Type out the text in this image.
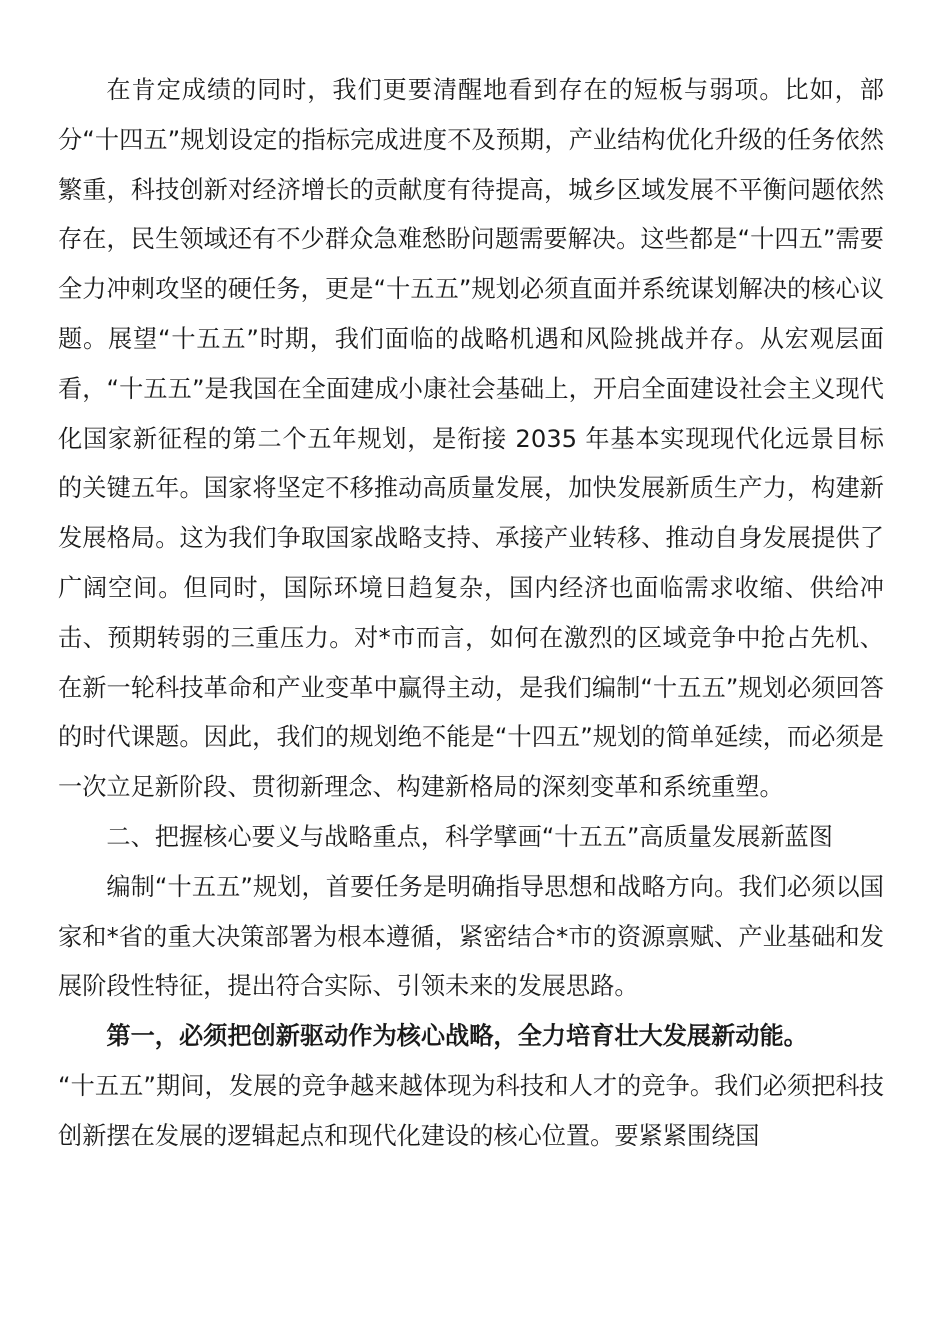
在肯定成绩的同时，我们更要清醒地看到存在的短板与弱项。比如，部分“十四五”规划设定的指标完成进度不及预期，产业结构优化升级的任务依然繁重，科技创新对经济增长的贡献度有待提高，城乡区域发展不平衡问题依然存在，民生领域还有不少群众急难愁盼问题需要解决。这些都是“十四五”需要全力冲刺攻坚的硬任务，更是“十五五”规划必须直面并系统谋划解决的核心议题。展望“十五五”时期，我们面临的战略机遇和风险挑战并存。从宏观层面看，“十五五”是我国在全面建成小康社会基础上，开启全面建设社会主义现代化国家新征程的第二个五年规划，是衔接 2035 年基本实现现代化远景目标的关键五年。国家将坚定不移推动高质量发展，加快发展新质生产力，构建新发展格局。这为我们争取国家战略支持、承接产业转移、推动自身发展提供了广阔空间。但同时，国际环境日趋复杂，国内经济也面临需求收缩、供给冲击、预期转弱的三重压力。对*市而言，如何在激烈的区域竞争中抢占先机、在新一轮科技革命和产业变革中赢得主动，是我们编制“十五五”规划必须回答的时代课题。因此，我们的规划绝不能是“十四五”规划的简单延续，而必须是一次立足新阶段、贯彻新理念、构建新格局的深刻变革和系统重塑。

二、把握核心要义与战略重点，科学擘画“十五五”高质量发展新蓝图

编制“十五五”规划，首要任务是明确指导思想和战略方向。我们必须以国家和*省的重大决策部署为根本遵循，紧密结合*市的资源禀赋、产业基础和发展阶段性特征，提出符合实际、引领未来的发展思路。

第一，必须把创新驱动作为核心战略，全力培育壮大发展新动能。
“十五五”期间，发展的竞争越来越体现为科技和人才的竞争。我们必须把科技创新摆在发展的逻辑起点和现代化建设的核心位置。要紧紧围绕国
